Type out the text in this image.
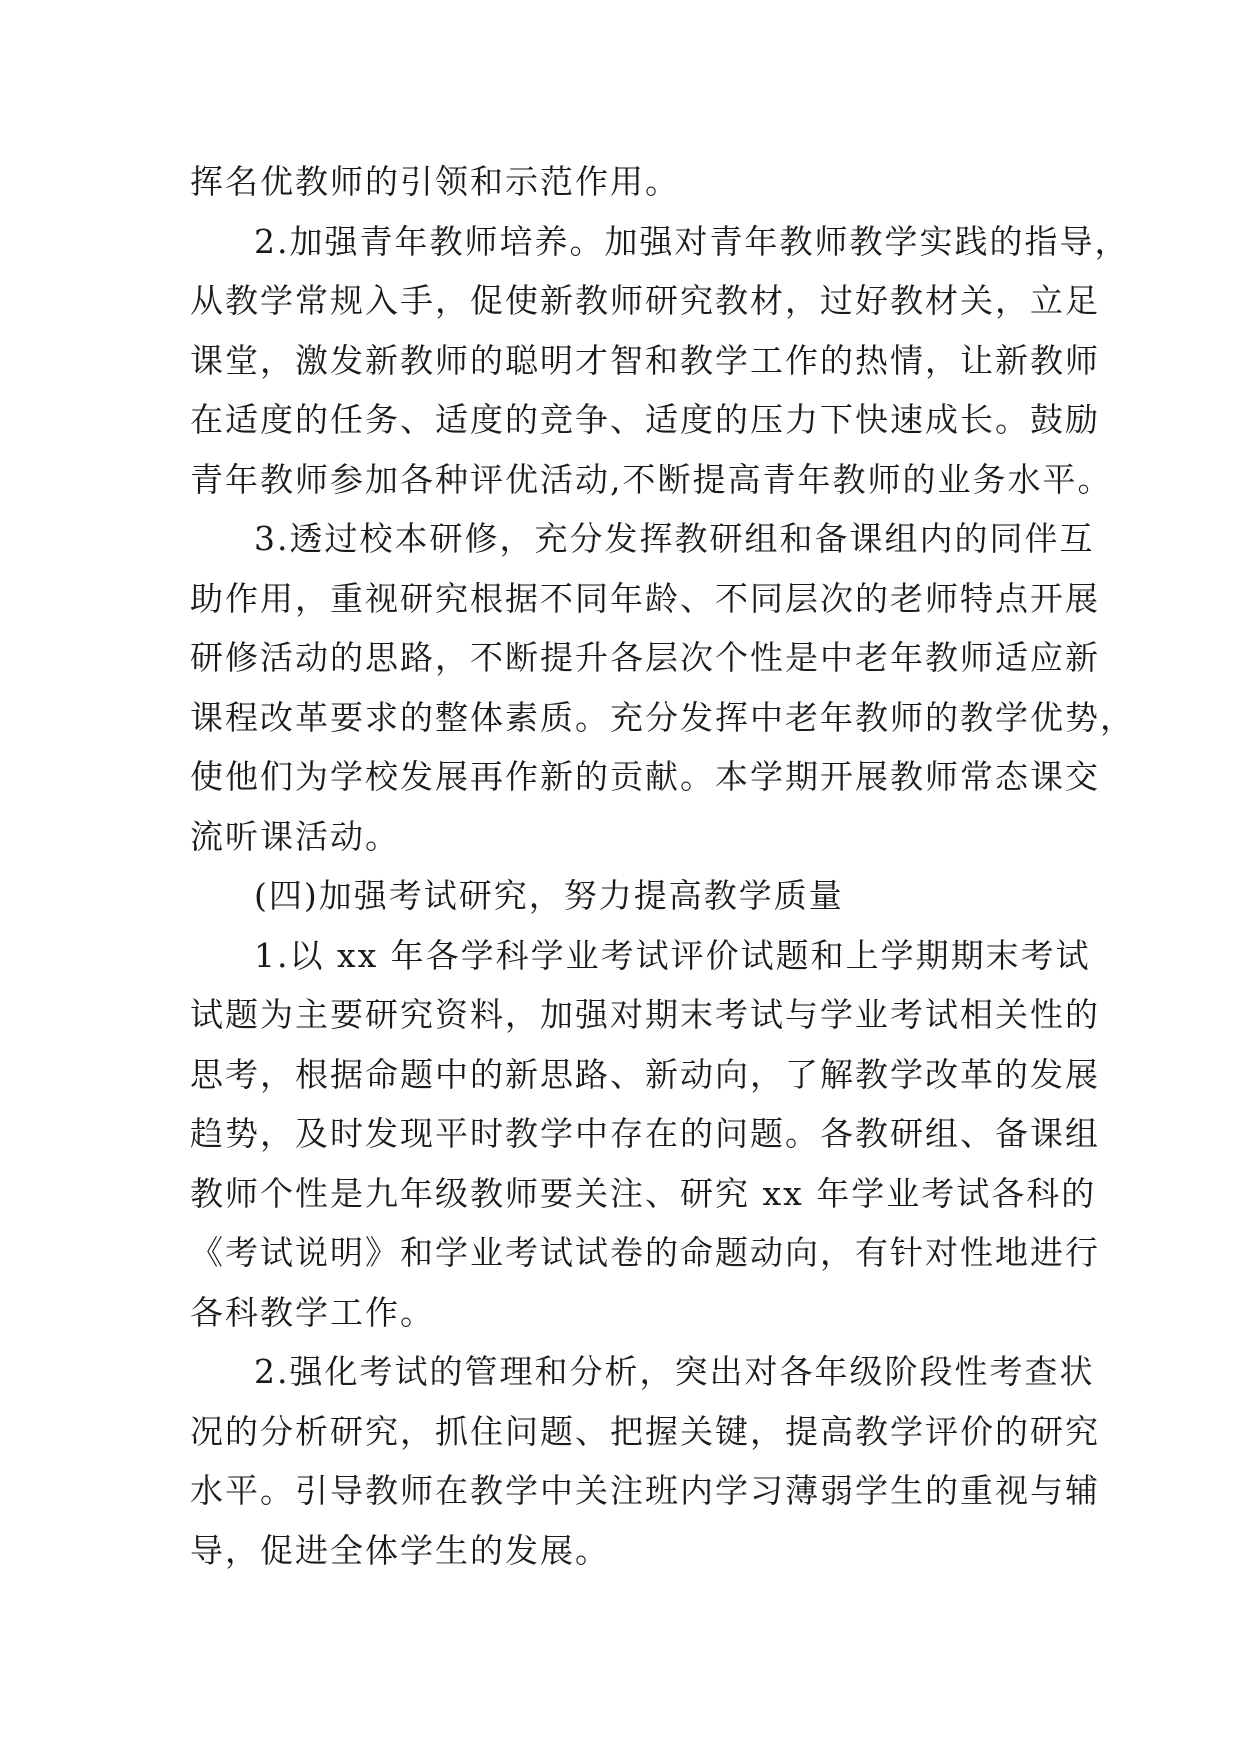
挥名优教师的引领和示范作用。
2.加强青年教师培养。加强对青年教师教学实践的指导，
从教学常规入手，促使新教师研究教材，过好教材关，立足
课堂，激发新教师的聪明才智和教学工作的热情，让新教师
在适度的任务、适度的竞争、适度的压力下快速成长。鼓励
青年教师参加各种评优活动,不断提高青年教师的业务水平。
3.透过校本研修，充分发挥教研组和备课组内的同伴互
助作用，重视研究根据不同年龄、不同层次的老师特点开展
研修活动的思路，不断提升各层次个性是中老年教师适应新
课程改革要求的整体素质。充分发挥中老年教师的教学优势，
使他们为学校发展再作新的贡献。本学期开展教师常态课交
流听课活动。
(四)加强考试研究，努力提高教学质量
1.以 xx 年各学科学业考试评价试题和上学期期末考试
试题为主要研究资料，加强对期末考试与学业考试相关性的
思考，根据命题中的新思路、新动向，了解教学改革的发展
趋势，及时发现平时教学中存在的问题。各教研组、备课组
教师个性是九年级教师要关注、研究 xx 年学业考试各科的
《考试说明》和学业考试试卷的命题动向，有针对性地进行
各科教学工作。
2.强化考试的管理和分析，突出对各年级阶段性考查状
况的分析研究，抓住问题、把握关键，提高教学评价的研究
水平。引导教师在教学中关注班内学习薄弱学生的重视与辅
导，促进全体学生的发展。
